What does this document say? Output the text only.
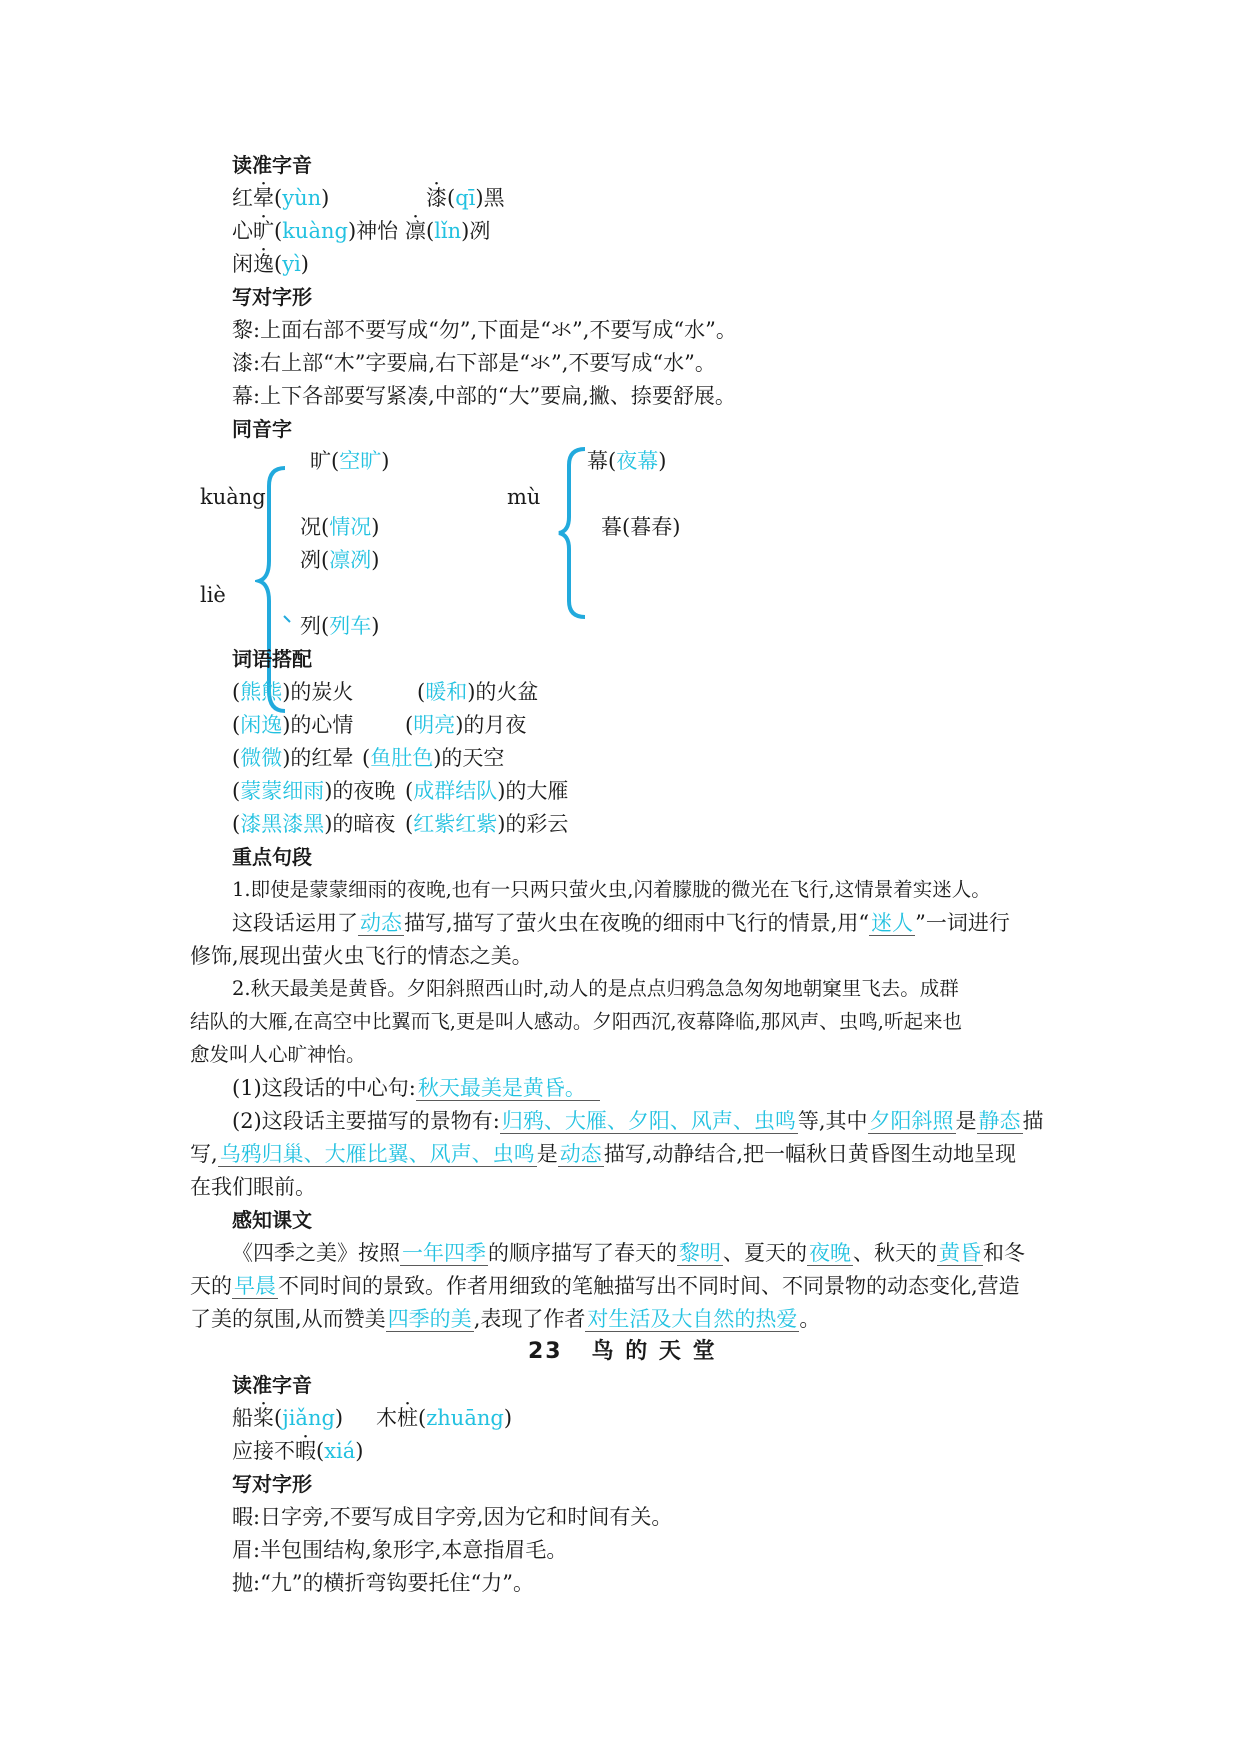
读准字音
红晕(yùn)	漆(qī)黑
心旷(kuàng)神怡 凛(lǐn)冽
闲逸(yì)
写对字形
黎:上面右部不要写成“勿”,下面是“氺”,不要写成“水”。
漆:右上部“木”字要扁,右下部是“氺”,不要写成“水”。
幕:上下各部要写紧凑,中部的“大”要扁,撇、捺要舒展。
同音字
旷(空旷)
kuàng
况(情况)
冽(凛冽)
liè
列(列车)
mù
幕(夜幕)
暮(暮春)
词语搭配
(熊熊)的炭火	(暖和)的火盆
(闲逸)的心情 (明亮)的月夜
(微微)的红晕 (鱼肚色)的天空
(蒙蒙细雨)的夜晚 (成群结队)的大雁
(漆黑漆黑)的暗夜 (红紫红紫)的彩云
重点句段
1.即使是蒙蒙细雨的夜晚,也有一只两只萤火虫,闪着朦胧的微光在飞行,这情景着实迷人。
这段话运用了动态描写,描写了萤火虫在夜晚的细雨中飞行的情景,用“迷人”一词进行
修饰,展现出萤火虫飞行的情态之美。
2.秋天最美是黄昏。夕阳斜照西山时,动人的是点点归鸦急急匆匆地朝窠里飞去。成群
结队的大雁,在高空中比翼而飞,更是叫人感动。夕阳西沉,夜幕降临,那风声、虫鸣,听起来也
愈发叫人心旷神怡。
(1)这段话的中心句:秋天最美是黄昏。
(2)这段话主要描写的景物有:归鸦、大雁、夕阳、风声、虫鸣等,其中夕阳斜照是静态描
写,乌鸦归巢、大雁比翼、风声、虫鸣是动态描写,动静结合,把一幅秋日黄昏图生动地呈现
在我们眼前。
感知课文
《四季之美》按照一年四季的顺序描写了春天的黎明、夏天的夜晚、秋天的黄昏和冬
天的早晨不同时间的景致。作者用细致的笔触描写出不同时间、不同景物的动态变化,营造
了美的氛围,从而赞美四季的美,表现了作者对生活及大自然的热爱。
23 鸟 的 天 堂
读准字音
船桨(jiǎng) 木桩(zhuāng)
应接不暇(xiá)
写对字形
暇:日字旁,不要写成目字旁,因为它和时间有关。
眉:半包围结构,象形字,本意指眉毛。
抛:“九”的横折弯钩要托住“力”。
